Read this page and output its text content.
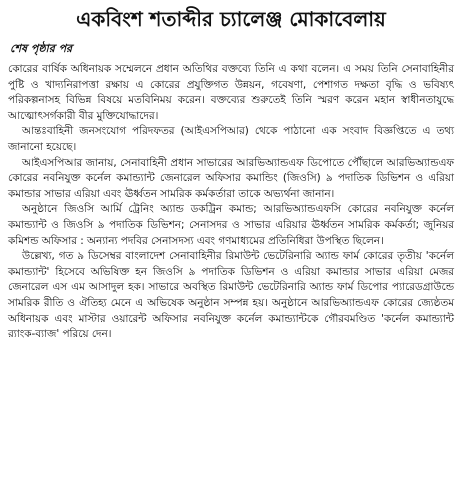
একবিংশ শতাব্দীর চ্যালেঞ্জ মোকাবেলায়
শেষ পৃষ্ঠার পর

কোরের বার্ষিক অধিনায়ক সম্মেলনে প্রধান অতিথির বক্তব্যে তিনি এ কথা বলেন। এ সময় তিনি সেনাবাহিনীর পুষ্টি ও খাদ্যনিরাপত্তা রক্ষায় এ কোরের প্রযুক্তিগত উন্নয়ন, গবেষণা, পেশাগত দক্ষতা বৃদ্ধি ও ভবিষ্যৎ পরিকল্পনাসহ বিভিন্ন বিষয়ে মতবিনিময় করেন। বক্তব্যের শুরুতেই তিনি স্মরণ করেন মহান স্বাধীনতাযুদ্ধে আত্মোৎসর্গকারী বীর মুক্তিযোদ্ধাদের।

আন্তঃবাহিনী জনসংযোগ পরিদফতর (আইএসপিআর) থেকে পাঠানো এক সংবাদ বিজ্ঞপ্তিতে এ তথ্য জানানো হয়েছে।

আইএসপিআর জানায়, সেনাবাহিনী প্রধান সাভারের আরভিঅ্যান্ডএফ ডিপোতে পৌঁছালে আরভিঅ্যান্ডএফ কোরের নবনিযুক্ত কর্নেল কমান্ড্যান্ট জেনারেল অফিসার কমান্ডিং (জিওসি) ৯ পদাতিক ডিভিশন ও এরিয়া কমান্ডার সাভার এরিয়া এবং ঊর্ধ্বতন সামরিক কর্মকর্তারা তাকে অভ্যর্থনা জানান।

অনুষ্ঠানে জিওসি আর্মি ট্রেনিং অ্যান্ড ডকট্রিন কমান্ড; আরভিঅ্যান্ডএফসি কোরের নবনিযুক্ত কর্নেল কমান্ড্যান্ট ও জিওসি ৯ পদাতিক ডিভিশন; সেনাসদর ও সাভার এরিয়ার ঊর্ধ্বতন সামরিক কর্মকর্তা; জুনিয়র কমিশন্ড অফিসার : অন্যান্য পদবির সেনাসদস্য এবং গণমাধ্যমের প্রতিনিধিরা উপস্থিত ছিলেন।

উল্লেখ্য, গত ৯ ডিসেম্বর বাংলাদেশ সেনাবাহিনীর রিমাউন্ট ভেটেরিনারি অ্যান্ড ফার্ম কোরের তৃতীয় 'কর্নেল কমান্ড্যান্ট' হিসেবে অভিষিক্ত হন জিওসি ৯ পদাতিক ডিভিশন ও এরিয়া কমান্ডার সাভার এরিয়া মেজর জেনারেল এস এম আসাদুল হক। সাভারে অবস্থিত রিমাউন্ট ভেটেরিনারি অ্যান্ড ফার্ম ডিপোর প্যারেডগ্রাউন্ডে সামরিক রীতি ও ঐতিহ্য মেনে এ অভিষেক অনুষ্ঠান সম্পন্ন হয়। অনুষ্ঠানে আরভিঅ্যান্ডএফ কোরের জ্যেষ্ঠতম অধিনায়ক এবং মাস্টার ওয়ারেন্ট অফিসার নবনিযুক্ত কর্নেল কমান্ড্যান্টকে গৌরবমণ্ডিত 'কর্নেল কমান্ড্যান্ট র‍্যাংক-ব্যাজ' পরিয়ে দেন।
